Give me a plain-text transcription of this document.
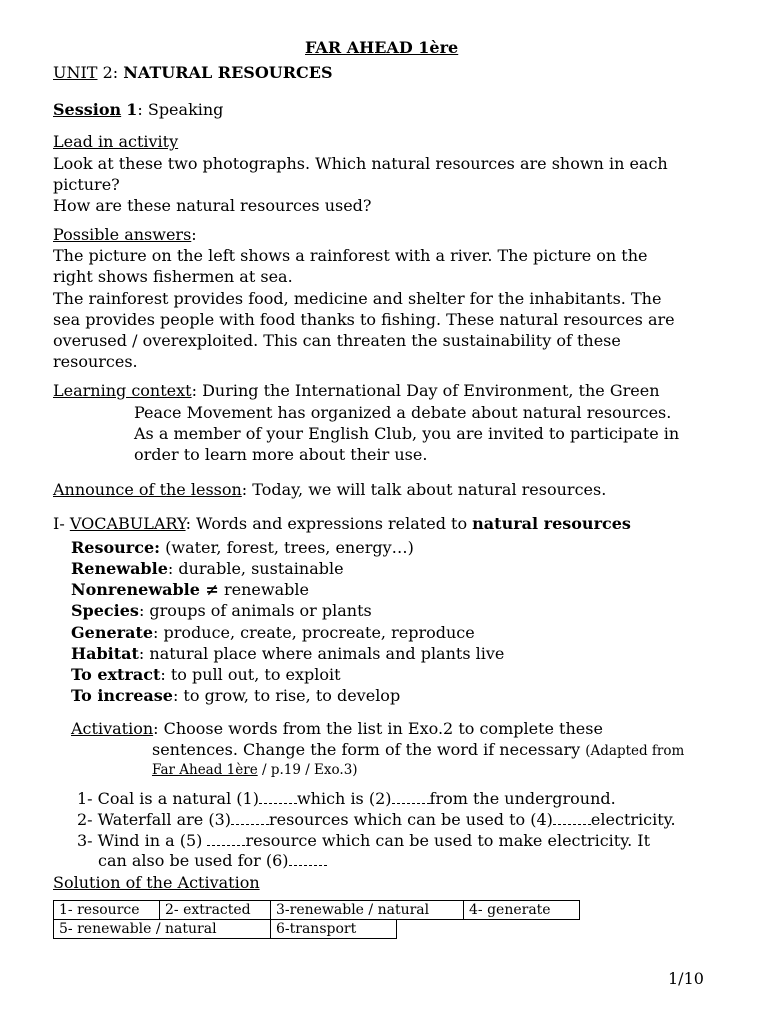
FAR AHEAD 1ère
UNIT 2: NATURAL RESOURCES
Session 1: Speaking
Lead in activity
Look at these two photographs. Which natural resources are shown in each
picture?
How are these natural resources used?
Possible answers:
The picture on the left shows a rainforest with a river. The picture on the
right shows fishermen at sea.
The rainforest provides food, medicine and shelter for the inhabitants. The
sea provides people with food thanks to fishing. These natural resources are
overused / overexploited. This can threaten the sustainability of these
resources.
Learning context: During the International Day of Environment, the Green
Peace Movement has organized a debate about natural resources.
As a member of your English Club, you are invited to participate in
order to learn more about their use.
Announce of the lesson: Today, we will talk about natural resources.
I- VOCABULARY: Words and expressions related to natural resources
Resource: (water, forest, trees, energy…)
Renewable: durable, sustainable
Nonrenewable ≠ renewable
Species: groups of animals or plants
Generate: produce, create, procreate, reproduce
Habitat: natural place where animals and plants live
To extract: to pull out, to exploit
To increase: to grow, to rise, to develop
Activation: Choose words from the list in Exo.2 to complete these
sentences. Change the form of the word if necessary (Adapted from
Far Ahead 1ère / p.19 / Exo.3)
1- Coal is a natural (1) which is (2) from the underground.
2- Waterfall are (3) resources which can be used to (4) electricity.
3- Wind in a (5) resource which can be used to make electricity. It
can also be used for (6)
Solution of the Activation
1- resource	2- extracted	3-renewable / natural	4- generate
5- renewable / natural	6-transport
1/10
